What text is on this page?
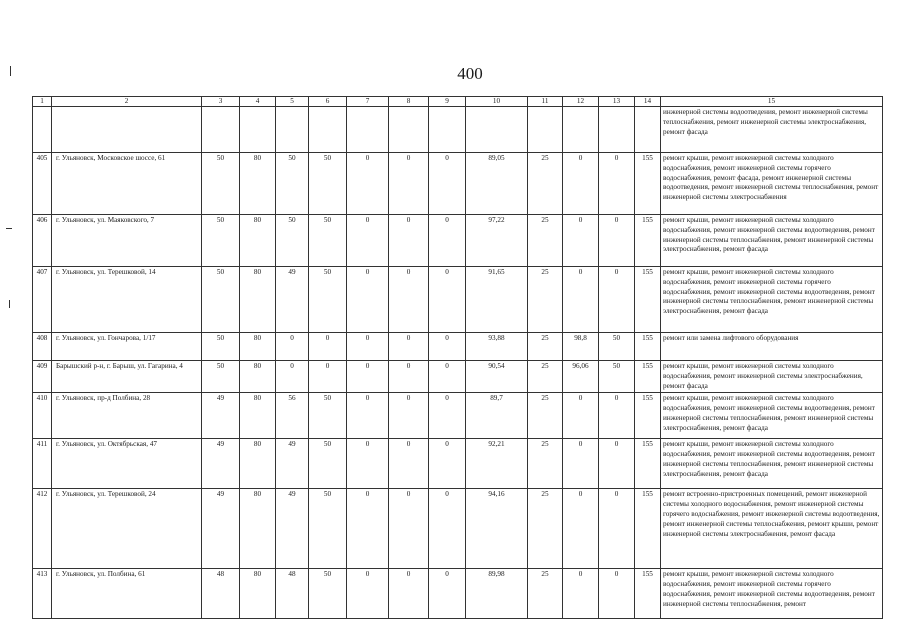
400
1	2	3	4	5	6	7	8	9	10	11	12	13	14	15
														инженерной системы водоотведения, ремонт инженерной системы теплоснабжения, ремонт инженерной системы электроснабжения, ремонт фасада
405	г. Ульяновск, Московское шоссе, 61	50	80	50	50	0	0	0	89,05	25	0	0	155	ремонт крыши, ремонт инженерной системы холодного водоснабжения, ремонт инженерной системы горячего водоснабжения, ремонт фасада, ремонт инженерной системы водоотведения, ремонт инженерной системы теплоснабжения, ремонт инженерной системы электроснабжения
406	г. Ульяновск, ул. Маяковского, 7	50	80	50	50	0	0	0	97,22	25	0	0	155	ремонт крыши, ремонт инженерной системы холодного водоснабжения, ремонт инженерной системы водоотведения, ремонт инженерной системы теплоснабжения, ремонт инженерной системы электроснабжения, ремонт фасада
407	г. Ульяновск, ул. Терешковой, 14	50	80	49	50	0	0	0	91,65	25	0	0	155	ремонт крыши, ремонт инженерной системы холодного водоснабжения, ремонт инженерной системы горячего водоснабжения, ремонт инженерной системы водоотведения, ремонт инженерной системы теплоснабжения, ремонт инженерной системы электроснабжения, ремонт фасада
408	г. Ульяновск, ул. Гончарова, 1/17	50	80	0	0	0	0	0	93,88	25	98,8	50	155	ремонт или замена лифтового оборудования
409	Барышский р-н, г. Барыш, ул. Гагарина, 4	50	80	0	0	0	0	0	90,54	25	96,06	50	155	ремонт крыши, ремонт инженерной системы холодного водоснабжения, ремонт инженерной системы электроснабжения, ремонт фасада
410	г. Ульяновск, пр-д Полбина, 28	49	80	56	50	0	0	0	89,7	25	0	0	155	ремонт крыши, ремонт инженерной системы холодного водоснабжения, ремонт инженерной системы водоотведения, ремонт инженерной системы теплоснабжения, ремонт инженерной системы электроснабжения, ремонт фасада
411	г. Ульяновск, ул. Октябрьская, 47	49	80	49	50	0	0	0	92,21	25	0	0	155	ремонт крыши, ремонт инженерной системы холодного водоснабжения, ремонт инженерной системы водоотведения, ремонт инженерной системы теплоснабжения, ремонт инженерной системы электроснабжения, ремонт фасада
412	г. Ульяновск, ул. Терешковой, 24	49	80	49	50	0	0	0	94,16	25	0	0	155	ремонт встроенно-пристроенных помещений, ремонт инженерной системы холодного водоснабжения, ремонт инженерной системы горячего водоснабжения, ремонт инженерной системы водоотведения, ремонт инженерной системы теплоснабжения, ремонт крыши, ремонт инженерной системы электроснабжения, ремонт фасада
413	г. Ульяновск, ул. Полбина, 61	48	80	48	50	0	0	0	89,98	25	0	0	155	ремонт крыши, ремонт инженерной системы холодного водоснабжения, ремонт инженерной системы горячего водоснабжения, ремонт инженерной системы водоотведения, ремонт инженерной системы теплоснабжения, ремонт
